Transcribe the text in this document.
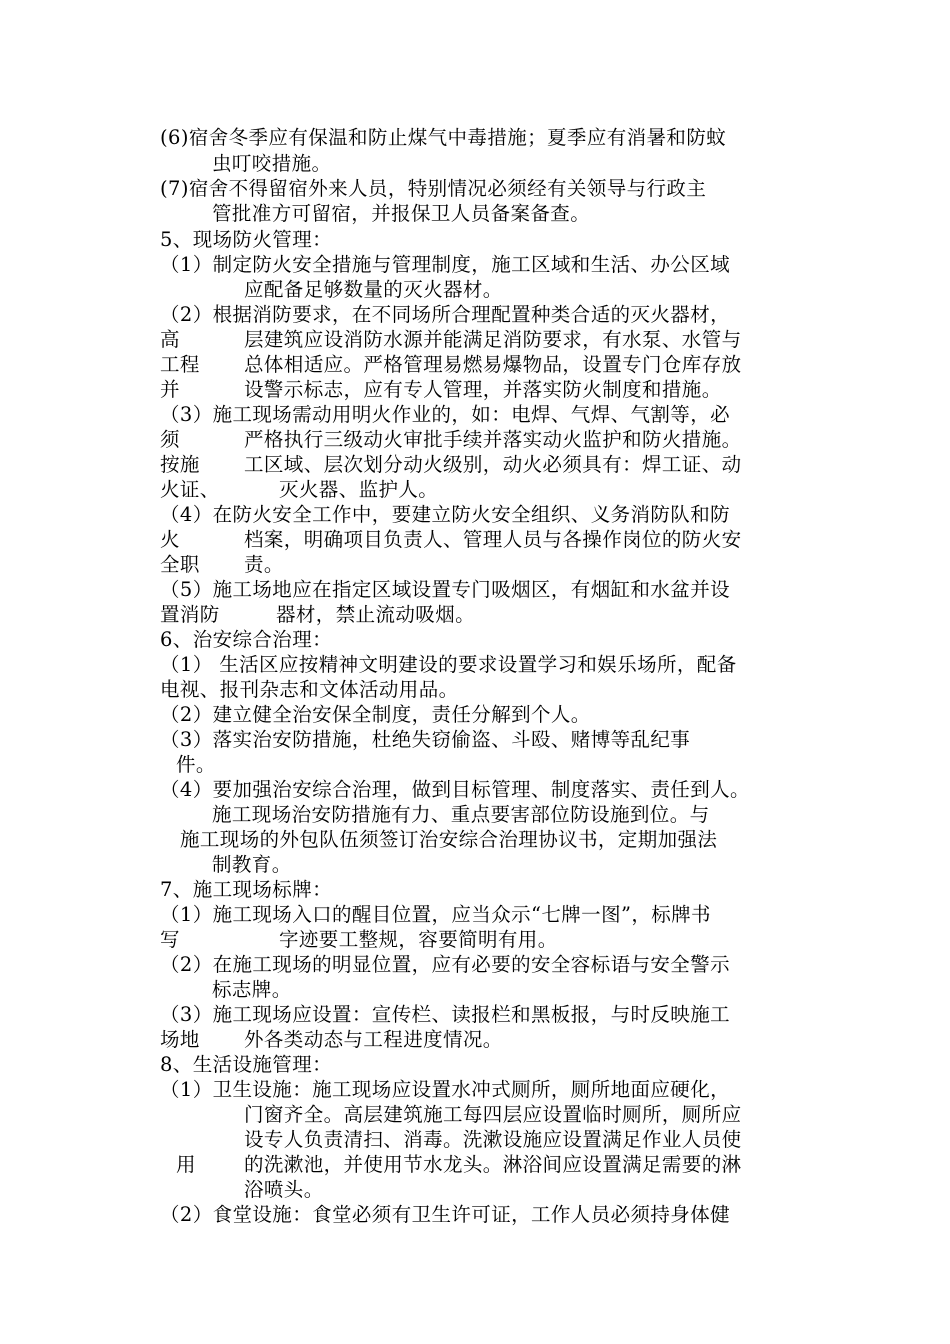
(6)宿舍冬季应有保温和防止煤气中毒措施；夏季应有消暑和防蚊
虫叮咬措施。
(7)宿舍不得留宿外来人员，特别情况必须经有关领导与行政主
管批准方可留宿，并报保卫人员备案备查。
5、现场防火管理：
（1）制定防火安全措施与管理制度，施工区域和生活、办公区域
应配备足够数量的灭火器材。
（2）根据消防要求，在不同场所合理配置种类合适的灭火器材，
高	层建筑应设消防水源并能满足消防要求，有水泵、水管与
工程 总体相适应。严格管理易燃易爆物品，设置专门仓库存放
并	设警示标志，应有专人管理，并落实防火制度和措施。
（3）施工现场需动用明火作业的，如：电焊、气焊、气割等，必
须	严格执行三级动火审批手续并落实动火监护和防火措施。
按施 工区域、层次划分动火级别，动火必须具有：焊工证、动
火证、	灭火器、监护人。
（4）在防火安全工作中，要建立防火安全组织、义务消防队和防
火	档案，明确项目负责人、管理人员与各操作岗位的防火安
全职 责。
（5）施工场地应在指定区域设置专门吸烟区，有烟缸和水盆并设
置消防	器材，禁止流动吸烟。
6、治安综合治理：
（1） 生活区应按精神文明建设的要求设置学习和娱乐场所，配备
电视、报刊杂志和文体活动用品。
（2）建立健全治安保全制度，责任分解到个人。
（3）落实治安防措施，杜绝失窃偷盗、斗殴、赌博等乱纪事
件。
（4）要加强治安综合治理，做到目标管理、制度落实、责任到人。
施工现场治安防措施有力、重点要害部位防设施到位。与
施工现场的外包队伍须签订治安综合治理协议书，定期加强法
制教育。
7、施工现场标牌：
（1）施工现场入口的醒目位置，应当众示“七牌一图”，标牌书
写	字迹要工整规，容要简明有用。
（2）在施工现场的明显位置，应有必要的安全容标语与安全警示
标志牌。
（3）施工现场应设置：宣传栏、读报栏和黑板报，与时反映施工
场地 外各类动态与工程进度情况。
8、生活设施管理：
（1）卫生设施：施工现场应设置水冲式厕所，厕所地面应硬化，
门窗齐全。高层建筑施工每四层应设置临时厕所，厕所应
设专人负责清扫、消毒。洗漱设施应设置满足作业人员使
用 的洗漱池，并使用节水龙头。淋浴间应设置满足需要的淋
浴喷头。
（2）食堂设施：食堂必须有卫生许可证，工作人员必须持身体健
